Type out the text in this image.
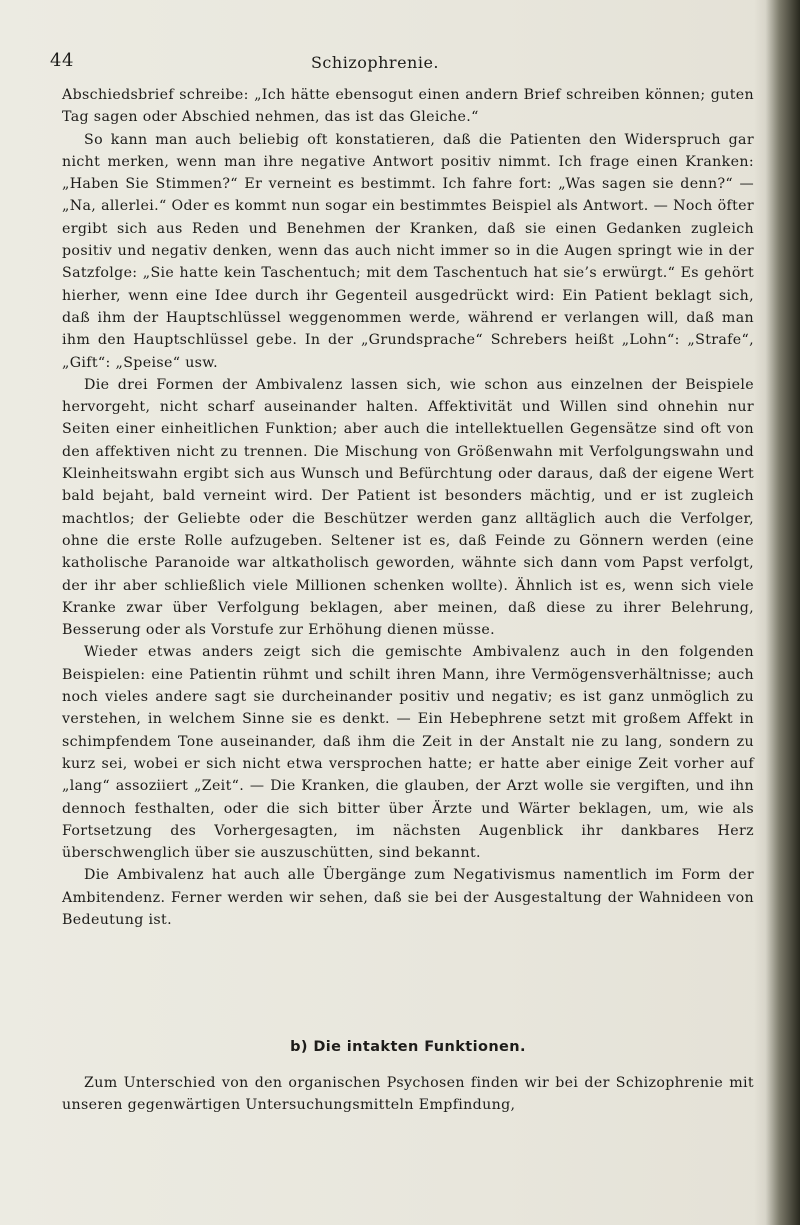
44	Schizophrenie.

Abschiedsbrief schreibe: „Ich hätte ebensogut einen andern Brief schreiben können; guten Tag sagen oder Abschied nehmen, das ist das Gleiche.“

So kann man auch beliebig oft konstatieren, daß die Patienten den Widerspruch gar nicht merken, wenn man ihre negative Antwort positiv nimmt. Ich frage einen Kranken: „Haben Sie Stimmen?“ Er verneint es bestimmt. Ich fahre fort: „Was sagen sie denn?“ — „Na, allerlei.“ Oder es kommt nun sogar ein bestimmtes Beispiel als Antwort. — Noch öfter ergibt sich aus Reden und Benehmen der Kranken, daß sie einen Gedanken zugleich positiv und negativ denken, wenn das auch nicht immer so in die Augen springt wie in der Satzfolge: „Sie hatte kein Taschentuch; mit dem Taschentuch hat sie’s erwürgt.“ Es gehört hierher, wenn eine Idee durch ihr Gegenteil ausgedrückt wird: Ein Patient beklagt sich, daß ihm der Hauptschlüssel weggenommen werde, während er verlangen will, daß man ihm den Hauptschlüssel gebe. In der „Grundsprache“ Schrebers heißt „Lohn“: „Strafe“, „Gift“: „Speise“ usw.

Die drei Formen der Ambivalenz lassen sich, wie schon aus einzelnen der Beispiele hervorgeht, nicht scharf auseinander halten. Affektivität und Willen sind ohnehin nur Seiten einer einheitlichen Funktion; aber auch die intellektuellen Gegensätze sind oft von den affektiven nicht zu trennen. Die Mischung von Größenwahn mit Verfolgungswahn und Kleinheitswahn ergibt sich aus Wunsch und Befürchtung oder daraus, daß der eigene Wert bald bejaht, bald verneint wird. Der Patient ist besonders mächtig, und er ist zugleich machtlos; der Geliebte oder die Beschützer werden ganz alltäglich auch die Verfolger, ohne die erste Rolle aufzugeben. Seltener ist es, daß Feinde zu Gönnern werden (eine katholische Paranoide war altkatholisch geworden, wähnte sich dann vom Papst verfolgt, der ihr aber schließlich viele Millionen schenken wollte). Ähnlich ist es, wenn sich viele Kranke zwar über Verfolgung beklagen, aber meinen, daß diese zu ihrer Belehrung, Besserung oder als Vorstufe zur Erhöhung dienen müsse.

Wieder etwas anders zeigt sich die gemischte Ambivalenz auch in den folgenden Beispielen: eine Patientin rühmt und schilt ihren Mann, ihre Vermögensverhältnisse; auch noch vieles andere sagt sie durcheinander positiv und negativ; es ist ganz unmöglich zu verstehen, in welchem Sinne sie es denkt. — Ein Hebephrene setzt mit großem Affekt in schimpfendem Tone auseinander, daß ihm die Zeit in der Anstalt nie zu lang, sondern zu kurz sei, wobei er sich nicht etwa versprochen hatte; er hatte aber einige Zeit vorher auf „lang“ assoziiert „Zeit“. — Die Kranken, die glauben, der Arzt wolle sie vergiften, und ihn dennoch festhalten, oder die sich bitter über Ärzte und Wärter beklagen, um, wie als Fortsetzung des Vorhergesagten, im nächsten Augenblick ihr dankbares Herz überschwenglich über sie auszuschütten, sind bekannt.

Die Ambivalenz hat auch alle Übergänge zum Negativismus namentlich im Form der Ambitendenz. Ferner werden wir sehen, daß sie bei der Ausgestaltung der Wahnideen von Bedeutung ist.

b) Die intakten Funktionen.

Zum Unterschied von den organischen Psychosen finden wir bei der Schizophrenie mit unseren gegenwärtigen Untersuchungsmitteln Empfindung,
